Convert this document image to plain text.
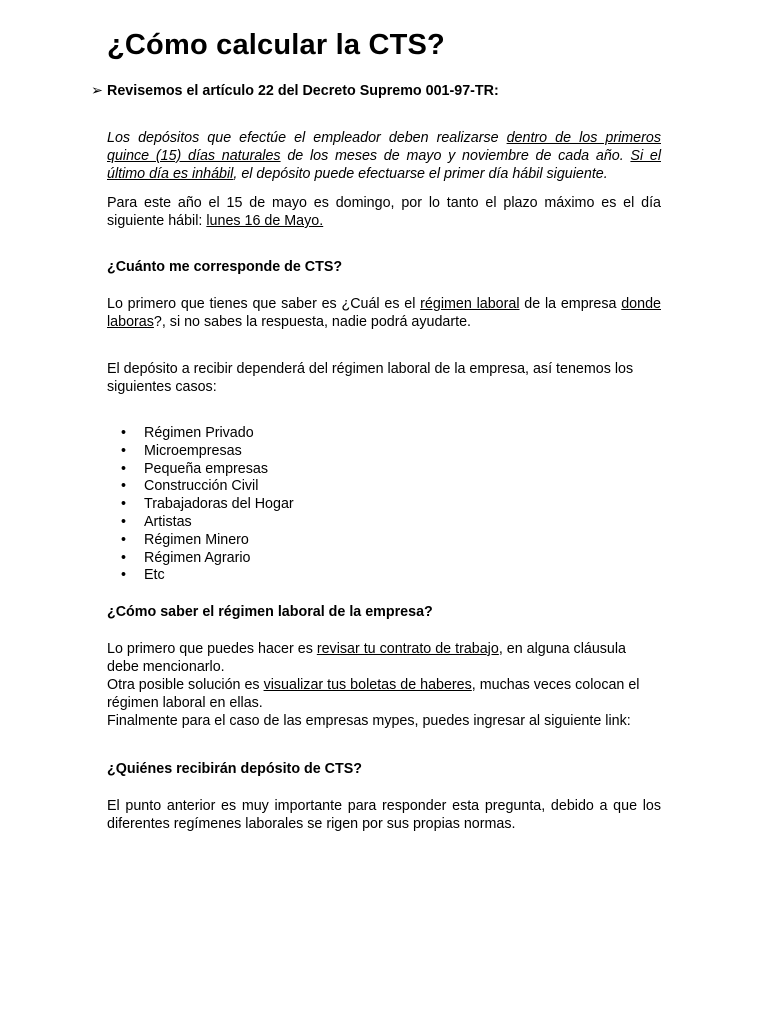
¿Cómo calcular la CTS?
➢ Revisemos el artículo 22 del Decreto Supremo 001-97-TR:

Los depósitos que efectúe el empleador deben realizarse dentro de los primeros quince (15) días naturales de los meses de mayo y noviembre de cada año. Si el último día es inhábil, el depósito puede efectuarse el primer día hábil siguiente.

Para este año el 15 de mayo es domingo, por lo tanto el plazo máximo es el día siguiente hábil: lunes 16 de Mayo.

¿Cuánto me corresponde de CTS?

Lo primero que tienes que saber es ¿Cuál es el régimen laboral de la empresa donde laboras?, si no sabes la respuesta, nadie podrá ayudarte.

El depósito a recibir dependerá del régimen laboral de la empresa, así tenemos los siguientes casos:

• Régimen Privado
• Microempresas
• Pequeña empresas
• Construcción Civil
• Trabajadoras del Hogar
• Artistas
• Régimen Minero
• Régimen Agrario
• Etc
¿Cómo saber el régimen laboral de la empresa?
Lo primero que puedes hacer es revisar tu contrato de trabajo, en alguna cláusula debe mencionarlo.
Otra posible solución es visualizar tus boletas de haberes, muchas veces colocan el régimen laboral en ellas.
Finalmente para el caso de las empresas mypes, puedes ingresar al siguiente link:
¿Quiénes recibirán depósito de CTS?

El punto anterior es muy importante para responder esta pregunta, debido a que los diferentes regímenes laborales se rigen por sus propias normas.
